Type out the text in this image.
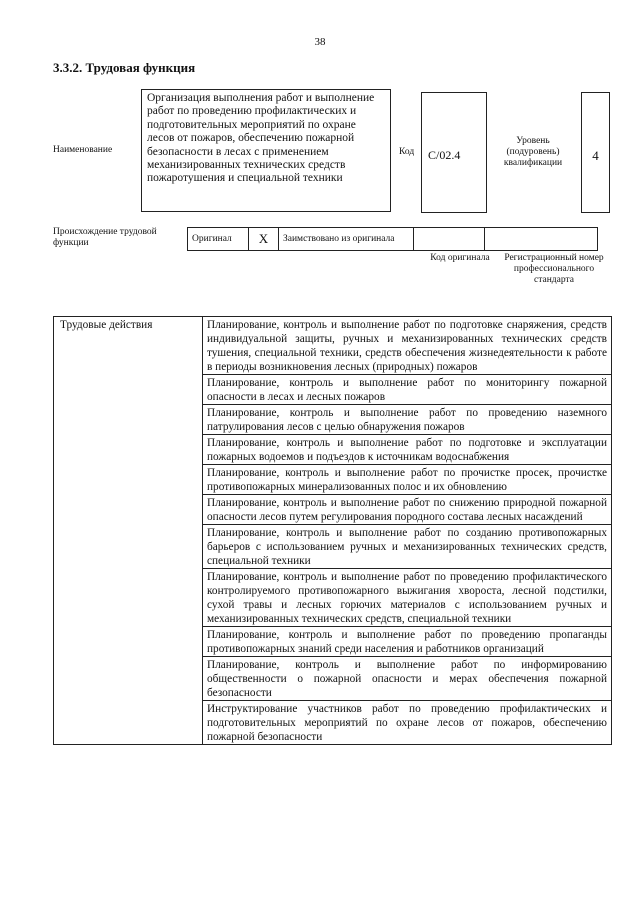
38
3.3.2. Трудовая функция
Наименование
Организация выполнения работ и выполнение работ по проведению профилактических и подготовительных мероприятий по охране лесов от пожаров, обеспечению пожарной безопасности в лесах с применением механизированных технических средств пожаротушения и специальной техники
Код	C/02.4
Уровень (подуровень) квалификации	4
Происхождение трудовой функции	Оригинал	X	Заимствовано из оригинала		
Код оригинала	Регистрационный номер профессионального стандарта
Трудовые действия	Планирование, контроль и выполнение работ по подготовке снаряжения, средств индивидуальной защиты, ручных и механизированных технических средств тушения, специальной техники, средств обеспечения жизнедеятельности к работе в периоды возникновения лесных (природных) пожаров
Планирование, контроль и выполнение работ по мониторингу пожарной опасности в лесах и лесных пожаров
Планирование, контроль и выполнение работ по проведению наземного патрулирования лесов с целью обнаружения пожаров
Планирование, контроль и выполнение работ по подготовке и эксплуатации пожарных водоемов и подъездов к источникам водоснабжения
Планирование, контроль и выполнение работ по прочистке просек, прочистке противопожарных минерализованных полос и их обновлению
Планирование, контроль и выполнение работ по снижению природной пожарной опасности лесов путем регулирования породного состава лесных насаждений
Планирование, контроль и выполнение работ по созданию противопожарных барьеров с использованием ручных и механизированных технических средств, специальной техники
Планирование, контроль и выполнение работ по проведению профилактического контролируемого противопожарного выжигания хвороста, лесной подстилки, сухой травы и лесных горючих материалов с использованием ручных и механизированных технических средств, специальной техники
Планирование, контроль и выполнение работ по проведению пропаганды противопожарных знаний среди населения и работников организаций
Планирование, контроль и выполнение работ по информированию общественности о пожарной опасности и мерах обеспечения пожарной безопасности
Инструктирование участников работ по проведению профилактических и подготовительных мероприятий по охране лесов от пожаров, обеспечению пожарной безопасности
